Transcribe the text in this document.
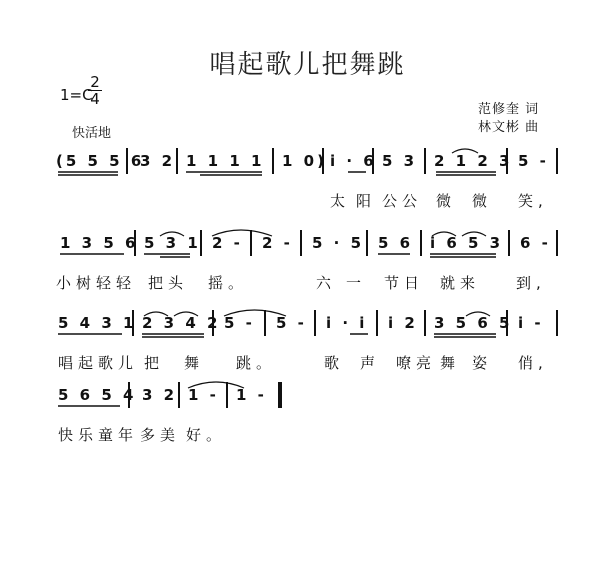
唱起歌儿把舞跳
1=C
2
4
快活地
范修奎 词
林文彬 曲
(5 5 5 6
3 2 1 1 1 1 1 0) i · 6 5 3 2 1 2 3 5 -
太 阳 公公 微 微 笑,
1 3 5 6 5 3 1 2 - 2 - 5 · 5 5 6 i 6 5 3 6 -
小树轻轻 把头 摇。	六 一 节日 就来 到,
5 4 3 1 2 3 4 2 5 - 5 - i · i i 2 3 5 6 5 i -
唱起歌儿 把 舞 跳。	歌 声 嘹亮 舞 姿 俏,
5 6 5 4 3 2 1 - 1 -
快乐童年 多美 好。
